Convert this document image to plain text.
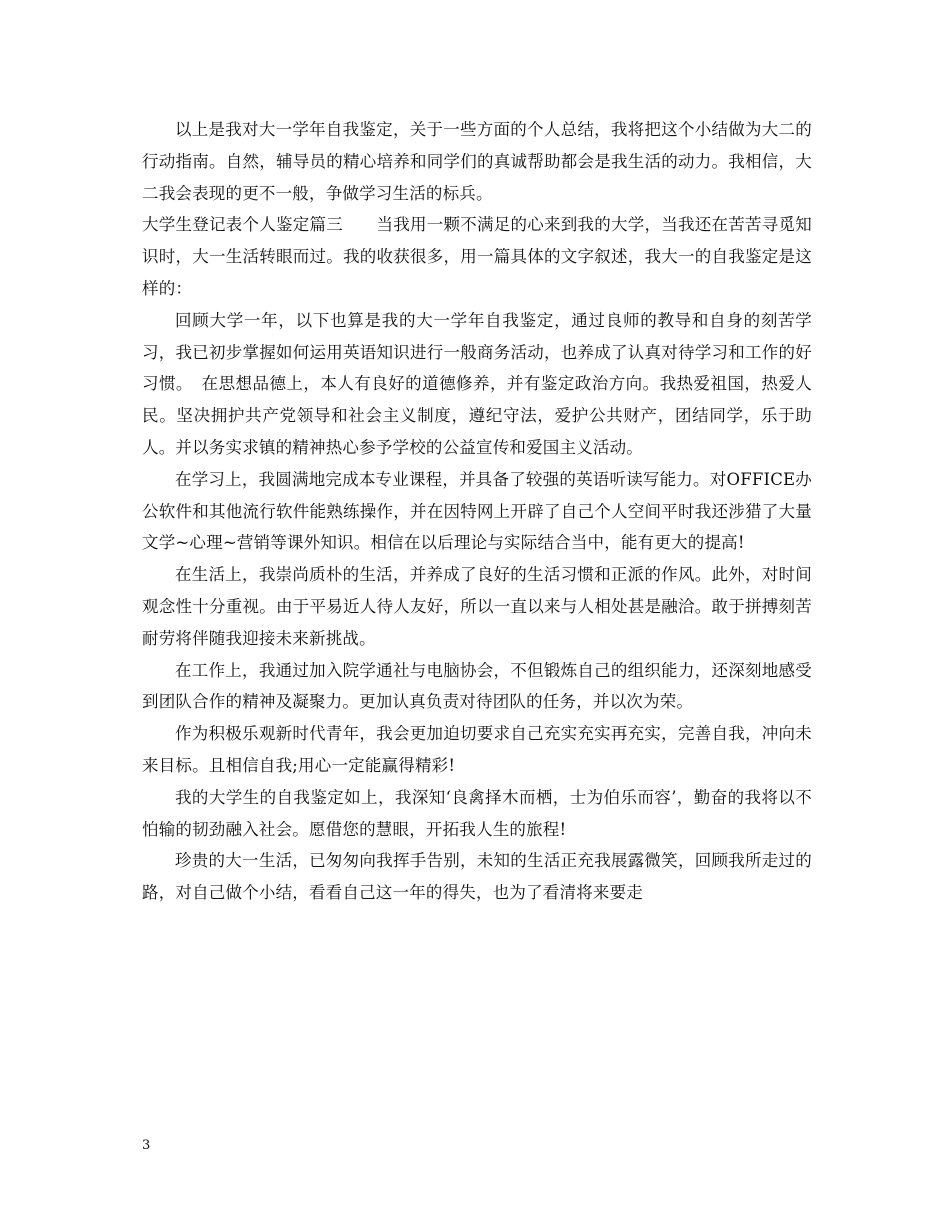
以上是我对大一学年自我鉴定，关于一些方面的个人总结，我将把这个小结做为大二的行动指南。自然，辅导员的精心培养和同学们的真诚帮助都会是我生活的动力。我相信，大二我会表现的更不一般，争做学习生活的标兵。

大学生登记表个人鉴定篇三　　当我用一颗不满足的心来到我的大学，当我还在苦苦寻觅知识时，大一生活转眼而过。我的收获很多，用一篇具体的文字叙述，我大一的自我鉴定是这样的：

回顾大学一年，以下也算是我的大一学年自我鉴定，通过良师的教导和自身的刻苦学习，我已初步掌握如何运用英语知识进行一般商务活动，也养成了认真对待学习和工作的好习惯。　在思想品德上，本人有良好的道德修养，并有鉴定政治方向。我热爱祖国，热爱人民。坚决拥护共产党领导和社会主义制度，遵纪守法，爱护公共财产，团结同学，乐于助人。并以务实求镇的精神热心参予学校的公益宣传和爱国主义活动。

在学习上，我圆满地完成本专业课程，并具备了较强的英语听读写能力。对OFFICE办公软件和其他流行软件能熟练操作，并在因特网上开辟了自己个人空间平时我还涉猎了大量文学~心理~营销等课外知识。相信在以后理论与实际结合当中，能有更大的提高!

在生活上，我崇尚质朴的生活，并养成了良好的生活习惯和正派的作风。此外，对时间观念性十分重视。由于平易近人待人友好，所以一直以来与人相处甚是融洽。敢于拼搏刻苦耐劳将伴随我迎接未来新挑战。

在工作上，我通过加入院学通社与电脑协会，不但锻炼自己的组织能力，还深刻地感受到团队合作的精神及凝聚力。更加认真负责对待团队的任务，并以次为荣。

作为积极乐观新时代青年，我会更加迫切要求自己充实充实再充实，完善自我，冲向未来目标。且相信自我;用心一定能赢得精彩!

我的大学生的自我鉴定如上，我深知‘良禽择木而栖，士为伯乐而容’，勤奋的我将以不怕输的韧劲融入社会。愿借您的慧眼，开拓我人生的旅程!

珍贵的大一生活，已匆匆向我挥手告别，未知的生活正充我展露微笑，回顾我所走过的路，对自己做个小结，看看自己这一年的得失，也为了看清将来要走

3
